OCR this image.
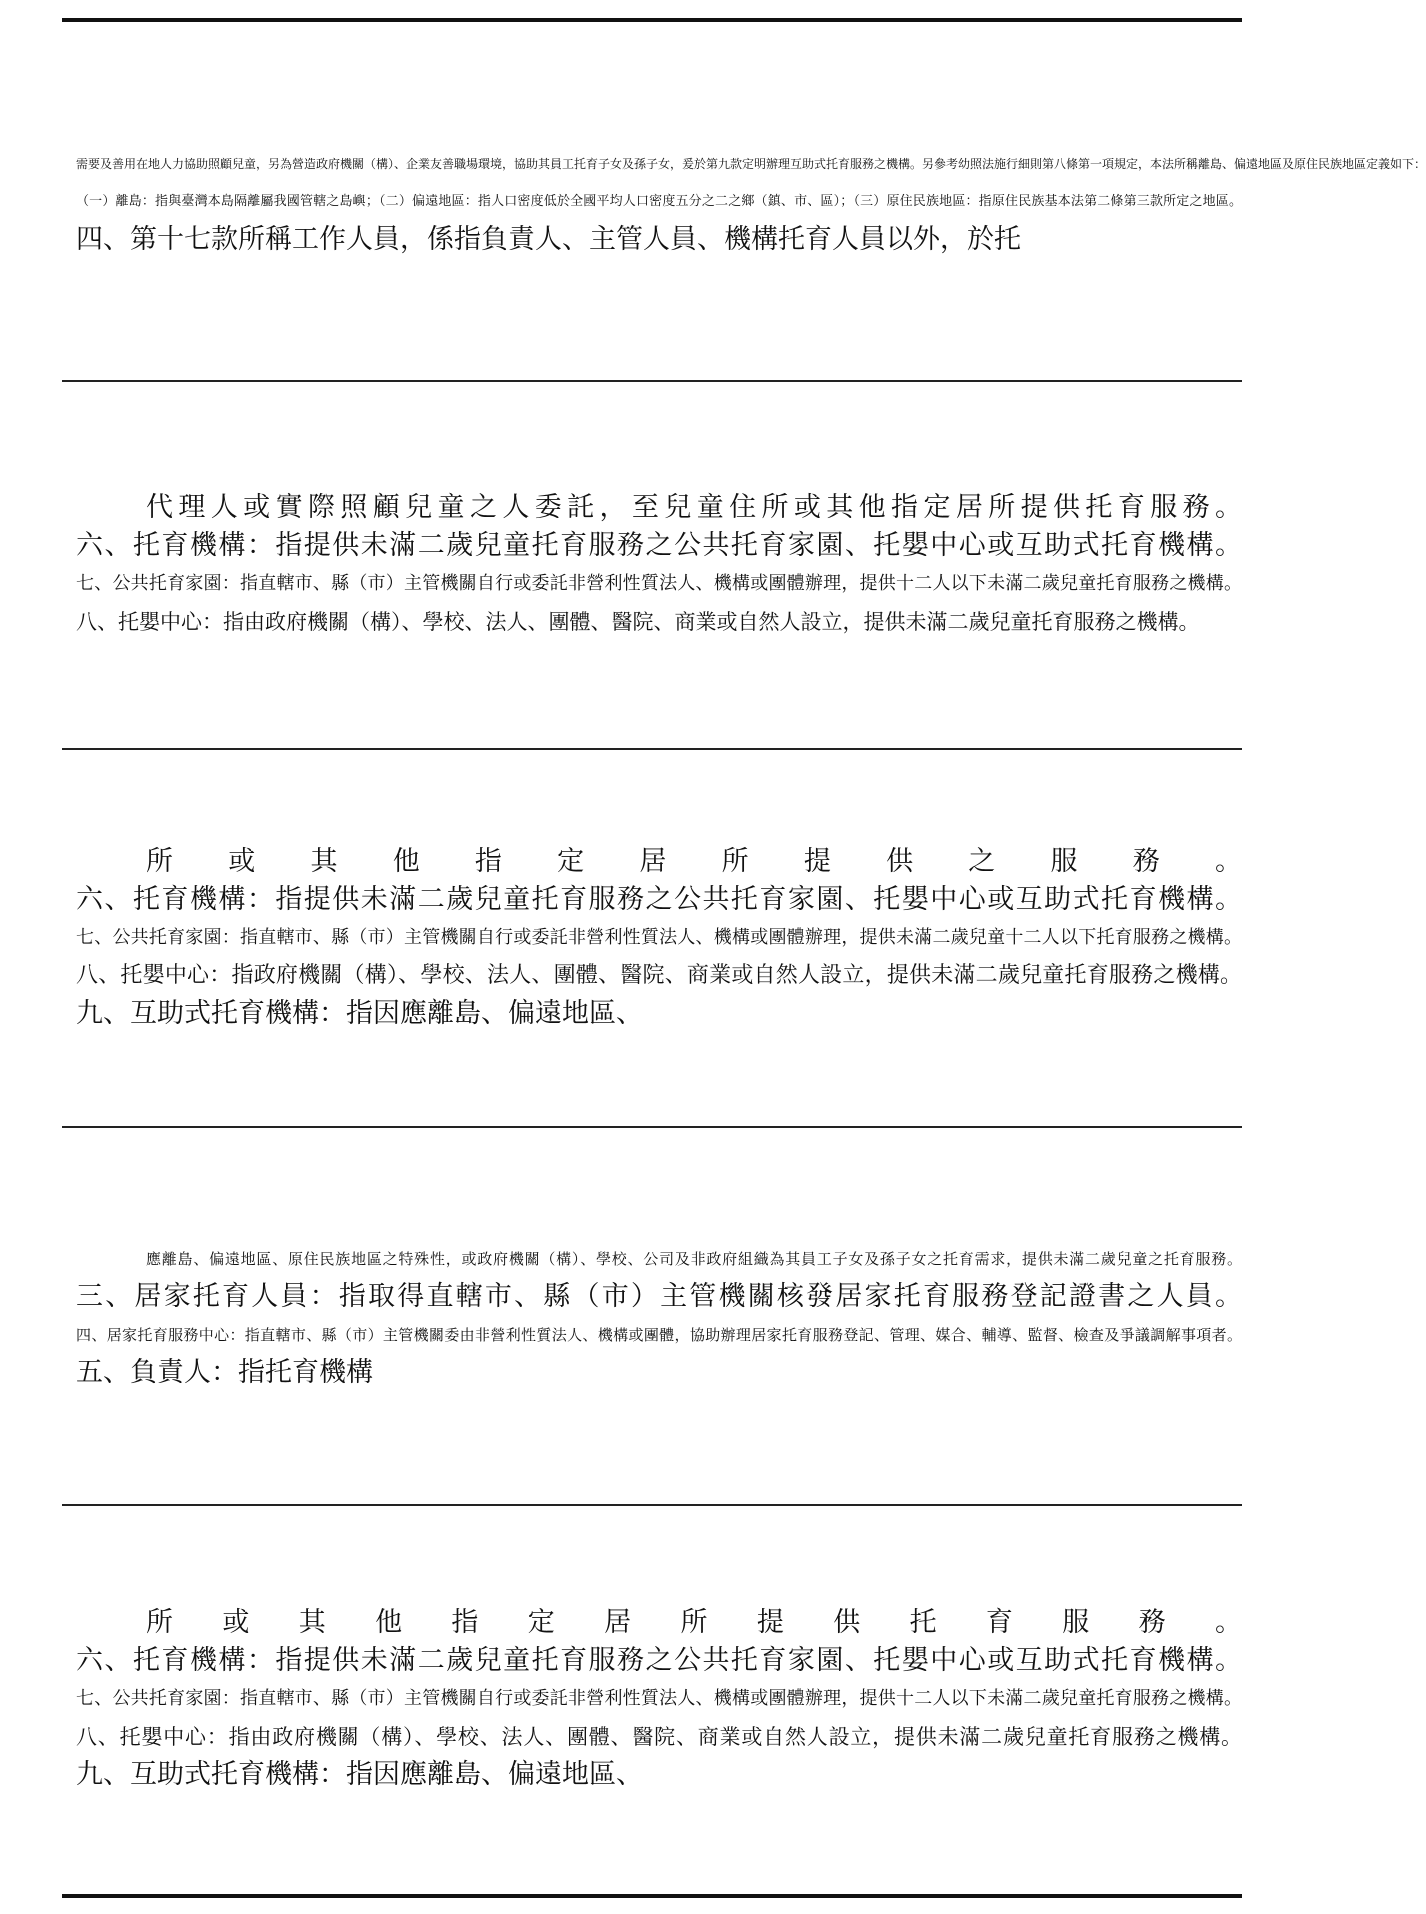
需要及善用在地人力協助照顧兒童，另為營造政府機關（構）、企業友善職場環境，協助其員工托育子女及孫子女，爰於第九款定明辦理互助式托育服務之機構。另參考幼照法施行細則第八條第一項規定，本法所稱離島、偏遠地區及原住民族地區定義如下：
（一）離島：指與臺灣本島隔離屬我國管轄之島嶼；（二）偏遠地區：指人口密度低於全國平均人口密度五分之二之鄉（鎮、市、區）；（三）原住民族地區：指原住民族基本法第二條第三款所定之地區。
四、第十七款所稱工作人員，係指負責人、主管人員、機構托育人員以外，於托
代理人或實際照顧兒童之人委託，至兒童住所或其他指定居所提供托育服務。
六、托育機構：指提供未滿二歲兒童托育服務之公共托育家園、托嬰中心或互助式托育機構。
七、公共托育家園：指直轄市、縣（市）主管機關自行或委託非營利性質法人、機構或團體辦理，提供十二人以下未滿二歲兒童托育服務之機構。
八、托嬰中心：指由政府機關（構）、學校、法人、團體、醫院、商業或自然人設立，提供未滿二歲兒童托育服務之機構。
所或其他指定居所提供之服務。
六、托育機構：指提供未滿二歲兒童托育服務之公共托育家園、托嬰中心或互助式托育機構。
七、公共托育家園：指直轄市、縣（市）主管機關自行或委託非營利性質法人、機構或團體辦理，提供未滿二歲兒童十二人以下托育服務之機構。
八、托嬰中心：指政府機關（構）、學校、法人、團體、醫院、商業或自然人設立，提供未滿二歲兒童托育服務之機構。
九、互助式托育機構：指因應離島、偏遠地區、
應離島、偏遠地區、原住民族地區之特殊性，或政府機關（構）、學校、公司及非政府組織為其員工子女及孫子女之托育需求，提供未滿二歲兒童之托育服務。
三、居家托育人員：指取得直轄市、縣（市）主管機關核發居家托育服務登記證書之人員。
四、居家托育服務中心：指直轄市、縣（市）主管機關委由非營利性質法人、機構或團體，協助辦理居家托育服務登記、管理、媒合、輔導、監督、檢查及爭議調解事項者。
五、負責人：指托育機構
所或其他指定居所提供托育服務。
六、托育機構：指提供未滿二歲兒童托育服務之公共托育家園、托嬰中心或互助式托育機構。
七、公共托育家園：指直轄市、縣（市）主管機關自行或委託非營利性質法人、機構或團體辦理，提供十二人以下未滿二歲兒童托育服務之機構。
八、托嬰中心：指由政府機關（構）、學校、法人、團體、醫院、商業或自然人設立，提供未滿二歲兒童托育服務之機構。
九、互助式托育機構：指因應離島、偏遠地區、
